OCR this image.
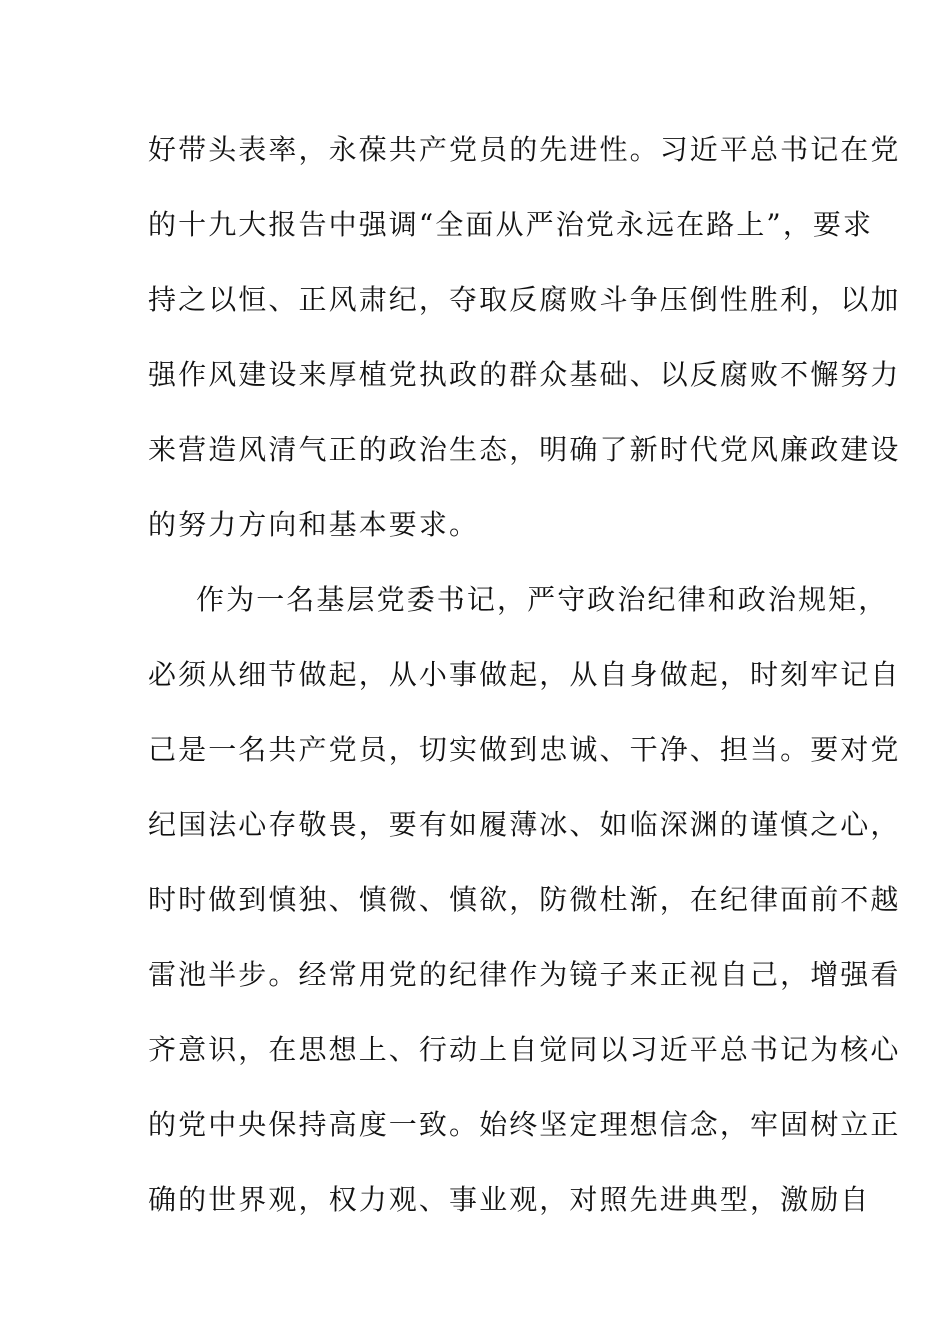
好带头表率，永葆共产党员的先进性。习近平总书记在党
的十九大报告中强调“全面从严治党永远在路上”，要求
持之以恒、正风肃纪，夺取反腐败斗争压倒性胜利，以加
强作风建设来厚植党执政的群众基础、以反腐败不懈努力
来营造风清气正的政治生态，明确了新时代党风廉政建设
的努力方向和基本要求。
作为一名基层党委书记，严守政治纪律和政治规矩，
必须从细节做起，从小事做起，从自身做起，时刻牢记自
己是一名共产党员，切实做到忠诚、干净、担当。要对党
纪国法心存敬畏，要有如履薄冰、如临深渊的谨慎之心，
时时做到慎独、慎微、慎欲，防微杜渐，在纪律面前不越
雷池半步。经常用党的纪律作为镜子来正视自己，增强看
齐意识，在思想上、行动上自觉同以习近平总书记为核心
的党中央保持高度一致。始终坚定理想信念，牢固树立正
确的世界观，权力观、事业观，对照先进典型，激励自
